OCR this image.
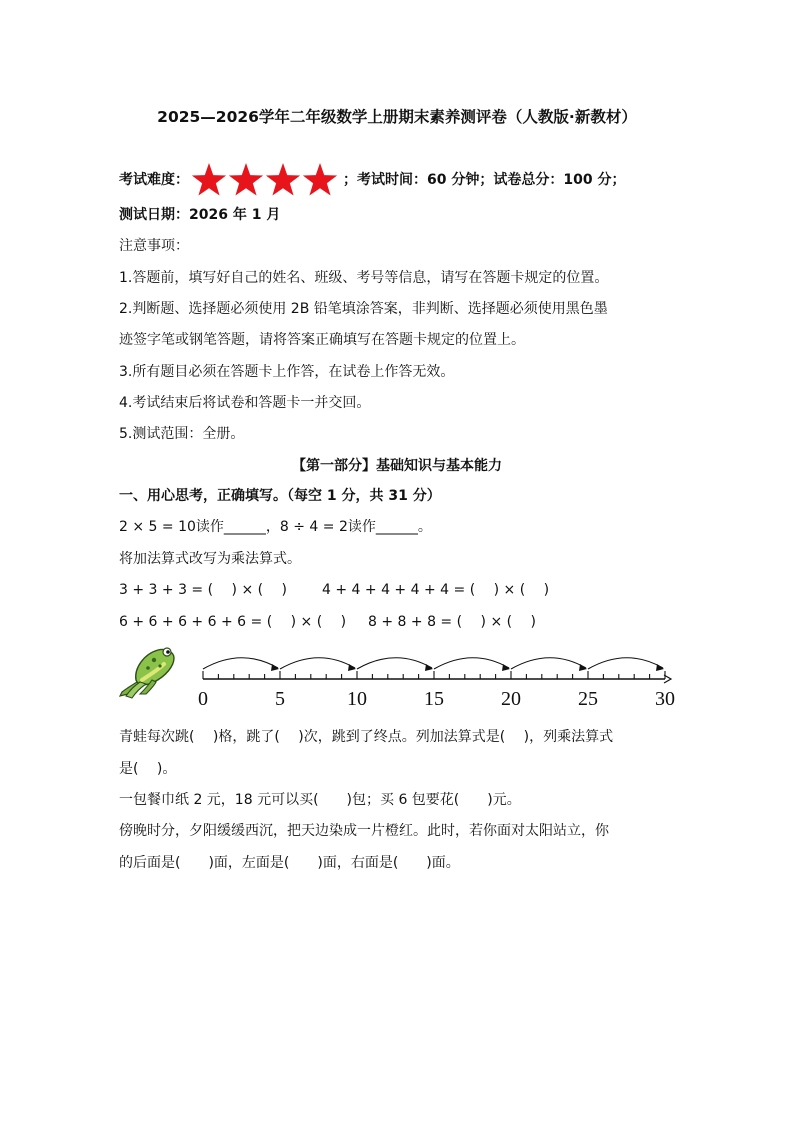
2025—2026学年二年级数学上册期末素养测评卷（人教版·新教材）
考试难度：	；考试时间：60 分钟；试卷总分：100 分；
测试日期：2026 年 1 月
注意事项：
1.答题前，填写好自己的姓名、班级、考号等信息，请写在答题卡规定的位置。
2.判断题、选择题必须使用 2B 铅笔填涂答案，非判断、选择题必须使用黑色墨
迹签字笔或钢笔答题，请将答案正确填写在答题卡规定的位置上。
3.所有题目必须在答题卡上作答，在试卷上作答无效。
4.考试结束后将试卷和答题卡一并交回。
5.测试范围：全册。
【第一部分】基础知识与基本能力
一、用心思考，正确填写。（每空 1 分，共 31 分）
2 × 5 = 10读作______，8 ÷ 4 = 2读作______。
将加法算式改写为乘法算式。
3 + 3 + 3 = (　 ) × (　 )	4 + 4 + 4 + 4 + 4 = (　 ) × (　 )
6 + 6 + 6 + 6 + 6 = (　 ) × (　 ) 8 + 8 + 8 = (　 ) × (　 )
0	5	10	15	20	25	30
青蛙每次跳(　 )格，跳了(　 )次，跳到了终点。列加法算式是(　 )，列乘法算式
是(　 )。
一包餐巾纸 2 元，18 元可以买(　　)包；买 6 包要花(　　)元。
傍晚时分，夕阳缓缓西沉，把天边染成一片橙红。此时，若你面对太阳站立，你
的后面是(　　)面，左面是(　　)面，右面是(　　)面。
